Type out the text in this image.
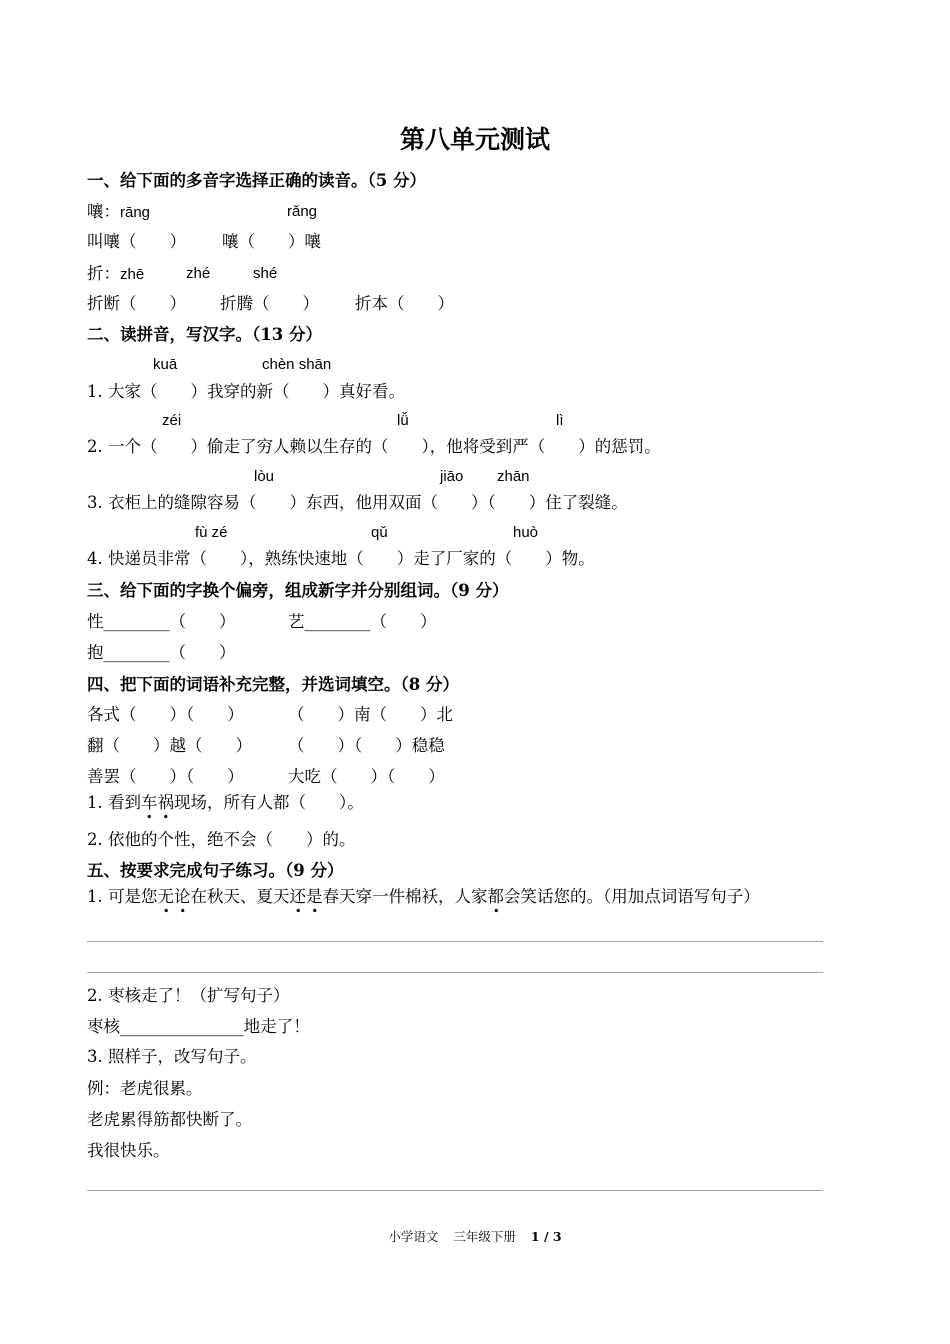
第八单元测试
一、给下面的多音字选择正确的读音。（5 分）
嚷：rāng	rǎng
叫嚷（　　） 嚷（　　）嚷
折：zhē	zhé	shé
折断（　　） 折腾（　　） 折本（　　）
二、读拼音，写汉字。（13 分）
kuā	chèn shān
1. 大家（　　）我穿的新（　　）真好看。
zéi	lǚ	lì
2. 一个（　　）偷走了穷人赖以生存的（　　），他将受到严（　　）的惩罚。
lòu	jiāo zhān
3. 衣柜上的缝隙容易（　　）东西，他用双面（　　）（　　）住了裂缝。
fù zé	qǔ	huò
4. 快递员非常（　　），熟练快速地（　　）走了厂家的（　　）物。
三、给下面的字换个偏旁，组成新字并分别组词。（9 分）
性________（　　）	艺________（　　）
抱________（　　）
四、把下面的词语补充完整，并选词填空。（8 分）
各式（　　）（　　）	（　　）南（　　）北
翻（　　）越（　　） （　　）（　　）稳稳
善罢（　　）（　　）	大吃（　　）（　　）
1. 看到车祸现场，所有人都（　　）。
2. 依他的个性，绝不会（　　）的。
五、按要求完成句子练习。（9 分）
1. 可是您无论在秋天、夏天还是春天穿一件棉袄，人家都会笑话您的。（用加点词语写句子）
2. 枣核走了！（扩写句子）
枣核_______________地走了！
3. 照样子，改写句子。
例：老虎很累。
老虎累得筋都快断了。
我很快乐。
小学语文 三年级下册 1 / 3
